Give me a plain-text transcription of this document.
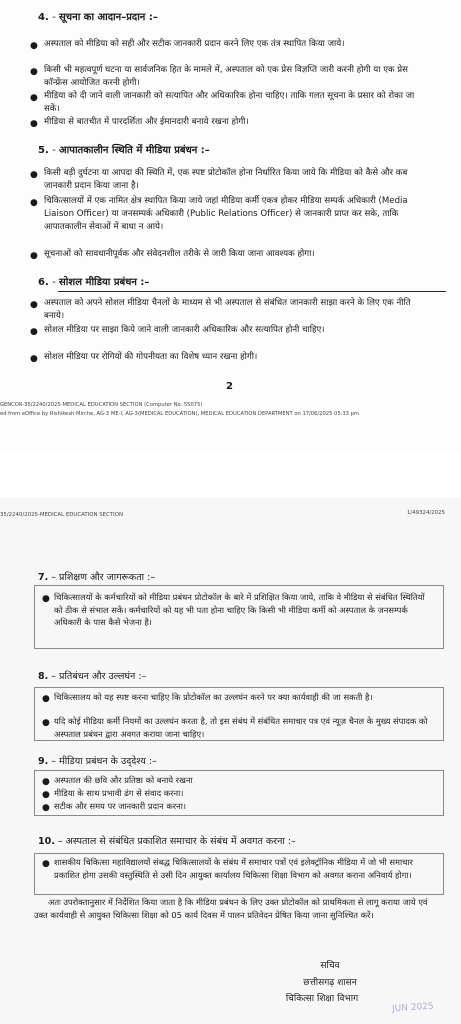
4. - सूचना का आदान–प्रदान :–
● अस्पताल को मीडिया को सही और सटीक जानकारी प्रदान करने लिए एक तंत्र स्थापित किया जाये।
● किसी भी महत्वपूर्ण घटना या सार्वजनिक हित के मामले में, अस्पताल को एक प्रेस विज्ञप्ति जारी करनी होगी या एक प्रेस कॉन्फ्रेंस आयोजित करनी होगी।
● मीडिया को दी जाने वाली जानकारी को सत्यापित और अधिकारिक होना चाहिए। ताकि गलत सूचना के प्रसार को रोका जा सकें।
● मीडिया से बातचीत में पारदर्शिता और ईमानदारी बनाये रखना होगी।
5. - आपातकालीन स्थिति में मीडिया प्रबंधन :–
● किसी बड़ी दुर्घटना या आपदा की स्थिति में, एक स्पष्ट प्रोटोकॉल होना निर्धारित किया जाये कि मीडिया को कैसे और कब जानकारी प्रदान किया जाना है।
● चिकित्सालयों में एक नामित क्षेत्र स्थापित किया जाये जहां मीडिया कर्मी एकत्र होकर मीडिया सम्पर्क अधिकारी (Media Liaison Officer) या जनसम्पर्क अधिकारी (Public Relations Officer) से जानकारी प्राप्त कर सके, ताकि आपातकालीन सेवाओं में बाधा न आये।
● सूचनाओं को सावधानीपूर्वक और संवेदनशील तरीके से जारी किया जाना आवश्यक होगा।
6. - सोशल मीडिया प्रबंधन :–
● अस्पताल को अपने सोशल मीडिया चैनलों के माध्यम से भी अस्पताल से संबंधित जानकारी साझा करने के लिए एक नीति बनाये।
● सोशल मीडिया पर साझा किये जाने वाली जानकारी अधिकारिक और सत्यापित होनी चाहिए।
● सोशल मीडिया पर रोगियों की गोपनीयता का विशेष ध्यान रखना होगी।
2
GENCOR-35/2240/2025-MEDICAL EDUCATION SECTION (Computer No. 55075)
ed from eOffice by Rishikesh Mirche, AG-3 ME-I, AG-3(MEDICAL EDUCATION), MEDICAL EDUCATION DEPARTMENT on 17/06/2025 05:33 pm
35/2240/2025-MEDICAL EDUCATION SECTION	1/49324/2025
7. – प्रशिक्षण और जागरूकता :–
● चिकित्सालयों के कर्मचारियों को मीडिया प्रबंधन प्रोटोकॉल के बारे में प्रशिक्षित किया जाये, ताकि वे मीडिया से संबंधित स्थितियों को ठीक से संभाल सकें। कर्मचारियों को यह भी पता होना चाहिए कि किसी भी मीडिया कर्मी को अस्पताल के जनसम्पर्क अधिकारी के पास कैसे भेजना है।
8. – प्रतिबंधन और उल्लघंन :–
● चिकित्सालय को यह स्पष्ट करना चाहिए कि प्रोटोकॉल का उल्लघंन करने पर क्या कार्यवाही की जा सकती है।
● यदि कोई मीडिया कर्मी नियमों का उल्लघंन करता है, तो इस संबंध में संबंधित समाचार पत्र एवं न्यूज़ चैनल के मुख्य संपादक को अस्पताल प्रबंधन द्वारा अवगत कराया जाना चाहिए।
9. – मीडिया प्रबंधन के उद्‌देश्य :–
● अस्पताल की छवि और प्रतिष्ठा को बनाये रखना
● मीडिया के साथ प्रभावी ढंग से संवाद करना।
● सटीक और समय पर जानकारी प्रदान करना।
10. – अस्पताल से संबंधित प्रकाशित समाचार के संबंध में अवगत करना :–
● शासकीय चिकित्सा महाविद्यालयों संबद्ध चिकित्सालयों के संबंध में समाचार पत्रों एवं इलेक्ट्रॉनिक मीडिया में जो भी समाचार प्रकाशित होगा उसकी वस्तुस्थिति से उसी दिन आयुक्त कार्यालय चिकित्सा शिक्षा विभाग को अवगत कराना अनिवार्य होगा।
अतः उपरोक्तानुसार में निर्देशित किया जाता है कि मीडिया प्रबंधन के लिए उक्त प्रोटोकॉल को प्राथमिकता से लागू कराया जाये एवं उक्त कार्यवाही से आयुक्त चिकित्सा शिक्षा को 05 कार्य दिवस में पालन प्रतिवेदन प्रेषित किया जाना सुनिश्चित करें।
सचिव
छत्तीसगढ़ शासन
चिकित्सा शिक्षा विभाग
JUN 2025
